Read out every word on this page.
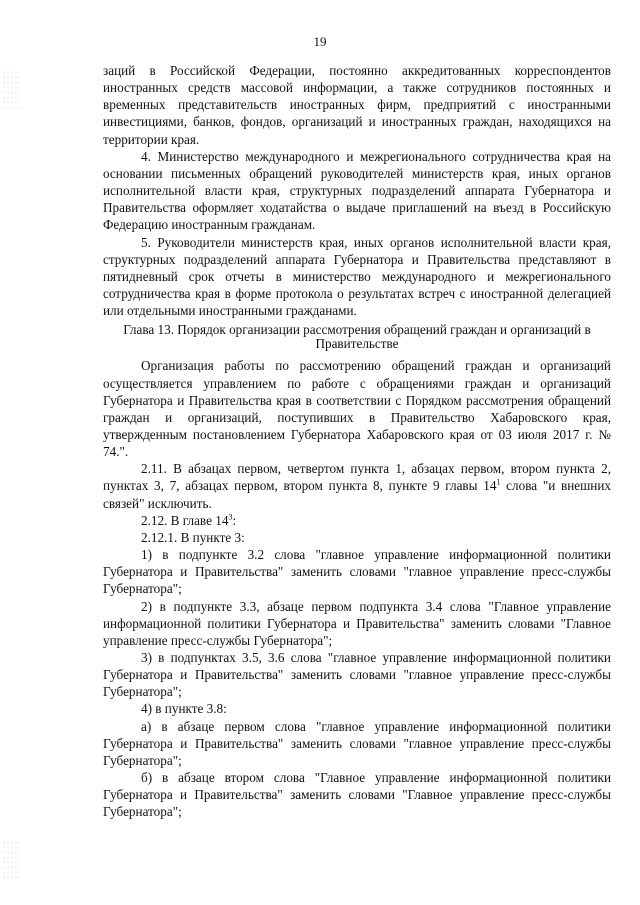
19

заций в Российской Федерации, постоянно аккредитованных корреспондентов иностранных средств массовой информации, а также сотрудников постоянных и временных представительств иностранных фирм, предприятий с иностранными инвестициями, банков, фондов, организаций и иностранных граждан, находящихся на территории края.

4. Министерство международного и межрегионального сотрудничества края на основании письменных обращений руководителей министерств края, иных органов исполнительной власти края, структурных подразделений аппарата Губернатора и Правительства оформляет ходатайства о выдаче приглашений на въезд в Российскую Федерацию иностранным гражданам.

5. Руководители министерств края, иных органов исполнительной власти края, структурных подразделений аппарата Губернатора и Правительства представляют в пятидневный срок отчеты в министерство международного и межрегионального сотрудничества края в форме протокола о результатах встреч с иностранной делегацией или отдельными иностранными гражданами.

Глава 13. Порядок организации рассмотрения обращений граждан и организаций в Правительстве

Организация работы по рассмотрению обращений граждан и организаций осуществляется управлением по работе с обращениями граждан и организаций Губернатора и Правительства края в соответствии с Порядком рассмотрения обращений граждан и организаций, поступивших в Правительство Хабаровского края, утвержденным постановлением Губернатора Хабаровского края от 03 июля 2017 г. № 74.".

2.11. В абзацах первом, четвертом пункта 1, абзацах первом, втором пункта 2, пунктах 3, 7, абзацах первом, втором пункта 8, пункте 9 главы $14^1$ слова "и внешних связей" исключить.

2.12. В главе $14^3$:

2.12.1. В пункте 3:

1) в подпункте 3.2 слова "главное управление информационной политики Губернатора и Правительства" заменить словами "главное управление пресс-службы Губернатора";

2) в подпункте 3.3, абзаце первом подпункта 3.4 слова "Главное управление информационной политики Губернатора и Правительства" заменить словами "Главное управление пресс-службы Губернатора";

3) в подпунктах 3.5, 3.6 слова "главное управление информационной политики Губернатора и Правительства" заменить словами "главное управление пресс-службы Губернатора";

4) в пункте 3.8:

а) в абзаце первом слова "главное управление информационной политики Губернатора и Правительства" заменить словами "главное управление пресс-службы Губернатора";

б) в абзаце втором слова "Главное управление информационной политики Губернатора и Правительства" заменить словами "Главное управление пресс-службы Губернатора";
